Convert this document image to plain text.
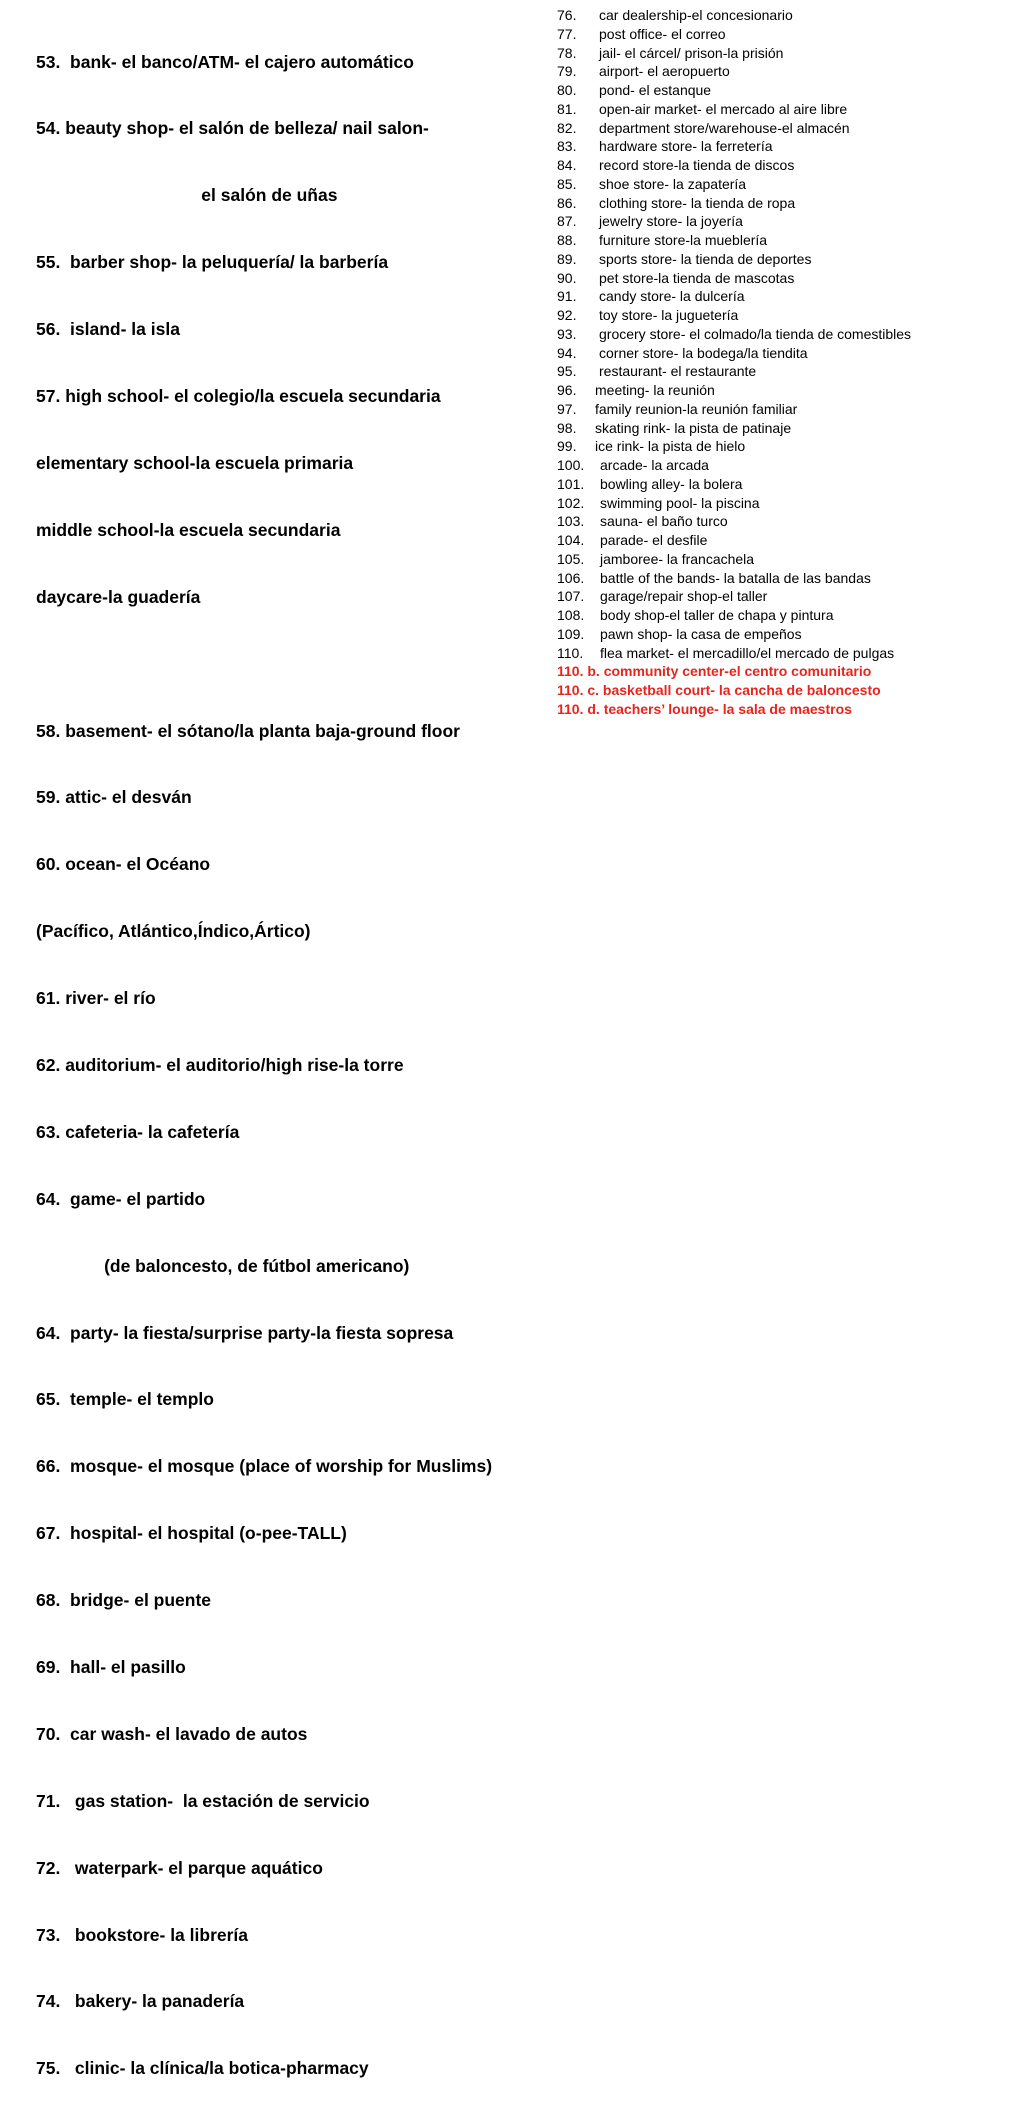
53.  bank- el banco/ATM- el cajero automático

54. beauty shop- el salón de belleza/ nail salon-

el salón de uñas

55.  barber shop- la peluquería/ la barbería

56.  island- la isla

57. high school- el colegio/la escuela secundaria

elementary school-la escuela primaria

middle school-la escuela secundaria

daycare-la guadería

58. basement- el sótano/la planta baja-ground floor

59. attic- el desván

60. ocean- el Océano

(Pacífico, Atlántico,Índico,Ártico)

61. river- el río

62. auditorium- el auditorio/high rise-la torre

63. cafeteria- la cafetería

64.  game- el partido

(de baloncesto, de fútbol americano)

64.  party- la fiesta/surprise party-la fiesta sopresa

65.  temple- el templo

66.  mosque- el mosque (place of worship for Muslims)

67.  hospital- el hospital (o-pee-TALL)

68.  bridge- el puente

69.  hall- el pasillo

70.  car wash- el lavado de autos

71.   gas station-  la estación de servicio

72.   waterpark- el parque aquático

73.   bookstore- la librería

74.   bakery- la panadería

75.   clinic- la clínica/la botica-pharmacy

76.	car dealership-el concesionario
77.	post office- el correo
78.	jail- el cárcel/ prison-la prisión
79.	airport- el aeropuerto
80.	pond- el estanque
81.	open-air market- el mercado al aire libre
82.	department store/warehouse-el almacén
83.	hardware store- la ferretería
84.	record store-la tienda de discos
85.	shoe store- la zapatería
86.	clothing store- la tienda de ropa
87.	jewelry store- la joyería
88.	furniture store-la mueblería
89.	sports store- la tienda de deportes
90.	pet store-la tienda de mascotas
91.	candy store- la dulcería
92.	toy store- la juguetería
93.	grocery store- el colmado/la tienda de comestibles
94.	corner store- la bodega/la tiendita
95.	restaurant- el restaurante
96.	meeting- la reunión
97.	family reunion-la reunión familiar
98.	skating rink- la pista de patinaje
99.	ice rink- la pista de hielo
100.	arcade- la arcada
101.	bowling alley- la bolera
102.	swimming pool- la piscina
103.	sauna- el baño turco
104.	parade- el desfile
105.	jamboree- la francachela
106.	battle of the bands- la batalla de las bandas
107.	garage/repair shop-el taller
108.	body shop-el taller de chapa y pintura
109.	pawn shop- la casa de empeños
110.	flea market- el mercadillo/el mercado de pulgas
110. b. community center-el centro comunitario
110. c. basketball court- la cancha de baloncesto
110. d. teachers’ lounge- la sala de maestros
